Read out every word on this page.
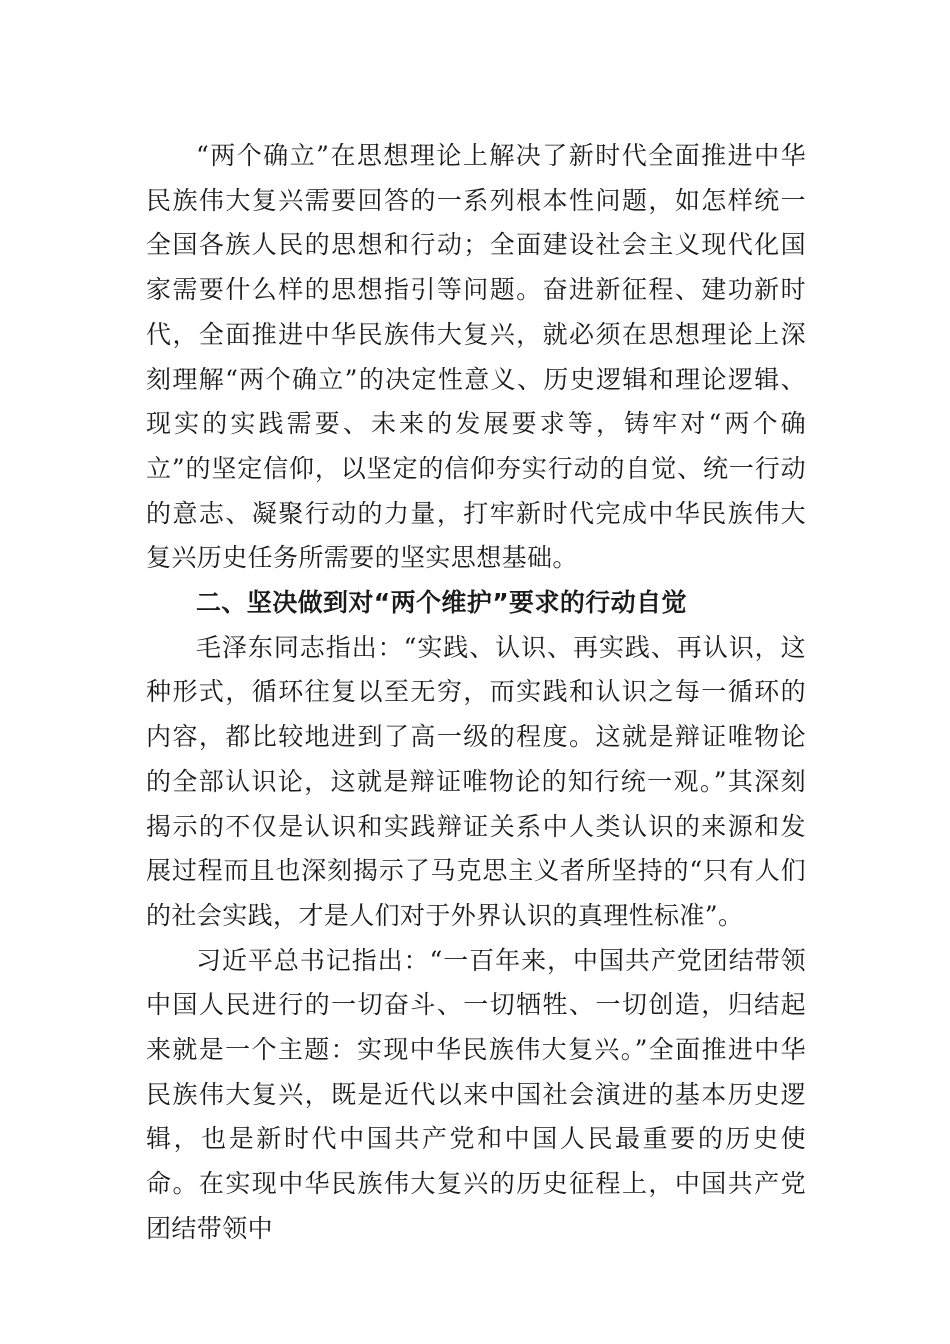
“两个确立”在思想理论上解决了新时代全面推进中华民族伟大复兴需要回答的一系列根本性问题，如怎样统一全国各族人民的思想和行动；全面建设社会主义现代化国家需要什么样的思想指引等问题。奋进新征程、建功新时代，全面推进中华民族伟大复兴，就必须在思想理论上深刻理解“两个确立”的决定性意义、历史逻辑和理论逻辑、现实的实践需要、未来的发展要求等，铸牢对“两个确立”的坚定信仰，以坚定的信仰夯实行动的自觉、统一行动的意志、凝聚行动的力量，打牢新时代完成中华民族伟大复兴历史任务所需要的坚实思想基础。

二、坚决做到对“两个维护”要求的行动自觉

毛泽东同志指出：“实践、认识、再实践、再认识，这种形式，循环往复以至无穷，而实践和认识之每一循环的内容，都比较地进到了高一级的程度。这就是辩证唯物论的全部认识论，这就是辩证唯物论的知行统一观。”其深刻揭示的不仅是认识和实践辩证关系中人类认识的来源和发展过程而且也深刻揭示了马克思主义者所坚持的“只有人们的社会实践，才是人们对于外界认识的真理性标准”。

习近平总书记指出：“一百年来，中国共产党团结带领中国人民进行的一切奋斗、一切牺牲、一切创造，归结起来就是一个主题：实现中华民族伟大复兴。”全面推进中华民族伟大复兴，既是近代以来中国社会演进的基本历史逻辑，也是新时代中国共产党和中国人民最重要的历史使命。在实现中华民族伟大复兴的历史征程上，中国共产党团结带领中
